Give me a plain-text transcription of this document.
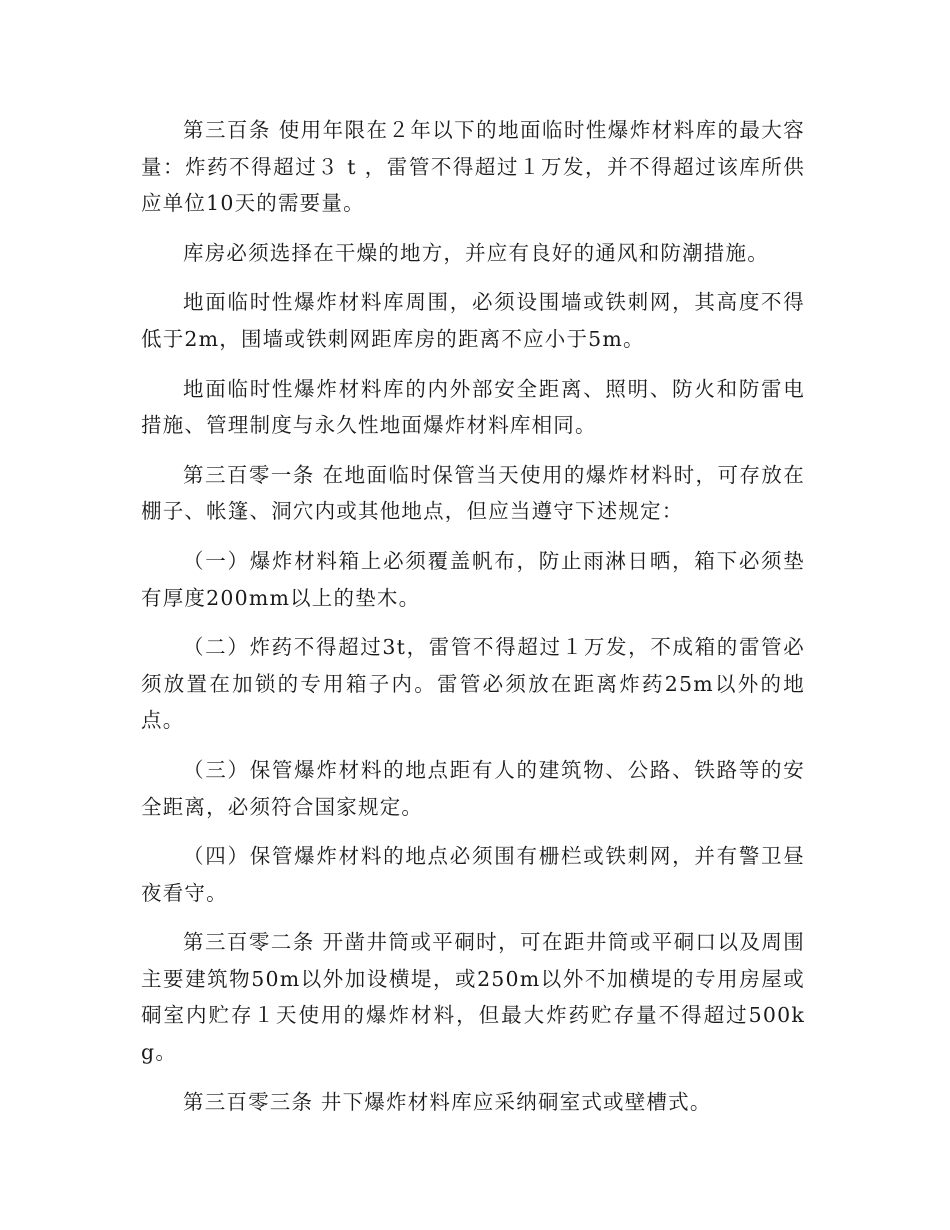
第三百条 使用年限在２年以下的地面临时性爆炸材料库的最大容量：炸药不得超过３ t ，雷管不得超过１万发，并不得超过该库所供应单位10天的需要量。

库房必须选择在干燥的地方，并应有良好的通风和防潮措施。

地面临时性爆炸材料库周围，必须设围墙或铁刺网，其高度不得低于2m，围墙或铁刺网距库房的距离不应小于5m。

地面临时性爆炸材料库的内外部安全距离、照明、防火和防雷电措施、管理制度与永久性地面爆炸材料库相同。

第三百零一条 在地面临时保管当天使用的爆炸材料时，可存放在棚子、帐篷、洞穴内或其他地点，但应当遵守下述规定：

（一）爆炸材料箱上必须覆盖帆布，防止雨淋日晒，箱下必须垫有厚度200mm以上的垫木。

（二）炸药不得超过3t，雷管不得超过１万发，不成箱的雷管必须放置在加锁的专用箱子内。雷管必须放在距离炸药25m以外的地点。

（三）保管爆炸材料的地点距有人的建筑物、公路、铁路等的安全距离，必须符合国家规定。

（四）保管爆炸材料的地点必须围有栅栏或铁刺网，并有警卫昼夜看守。

第三百零二条 开凿井筒或平硐时，可在距井筒或平硐口以及周围主要建筑物50m以外加设横堤，或250m以外不加横堤的专用房屋或硐室内贮存１天使用的爆炸材料，但最大炸药贮存量不得超过500kg。

第三百零三条 井下爆炸材料库应采纳硐室式或壁槽式。
